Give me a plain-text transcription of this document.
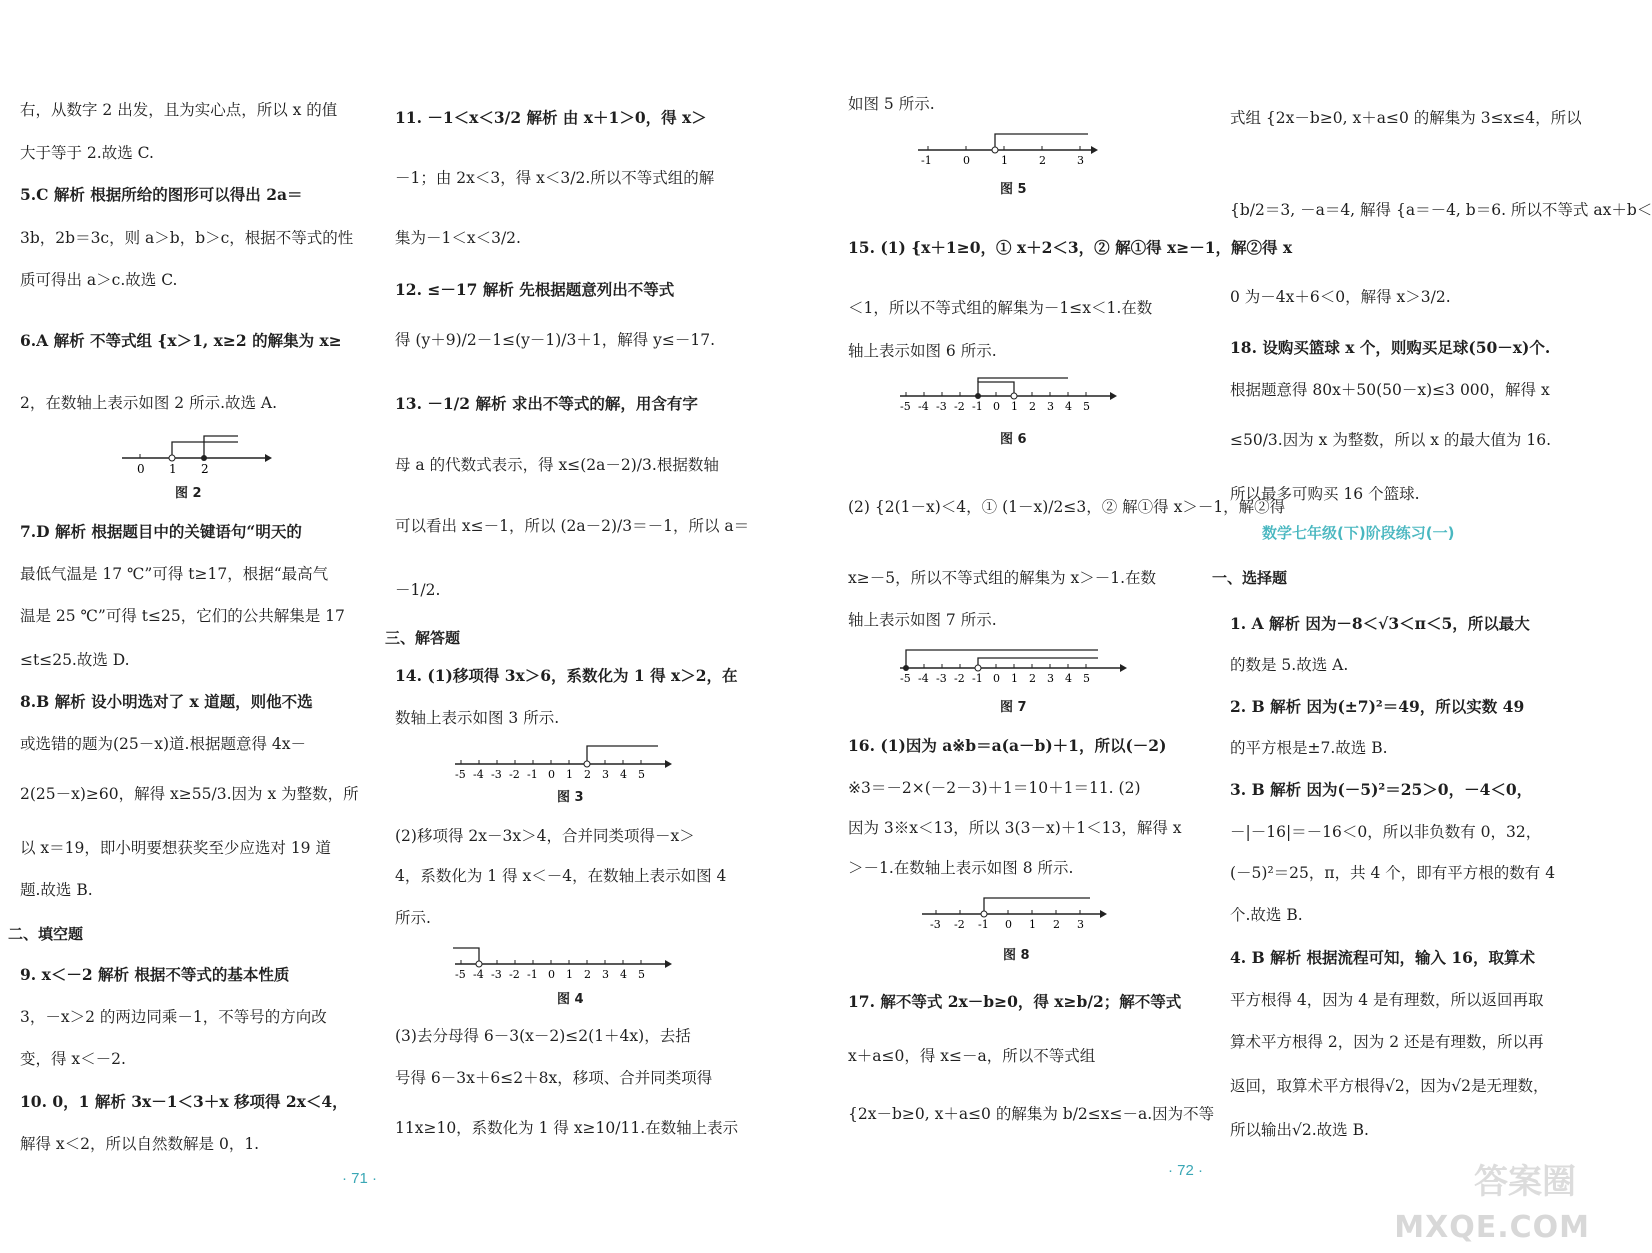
右，从数字 2 出发，且为实心点，所以 x 的值
大于等于 2.故选 C.
5.C 解析 根据所给的图形可以得出 2a＝
3b，2b＝3c，则 a＞b，b＞c，根据不等式的性
质可得出 a＞c.故选 C.
6.A 解析 不等式组 {x＞1, x≥2 的解集为 x≥
2，在数轴上表示如图 2 所示.故选 A.
0 1 2
图 2
7.D 解析 根据题目中的关键语句“明天的
最低气温是 17 ℃”可得 t≥17，根据“最高气
温是 25 ℃”可得 t≤25，它们的公共解集是 17
≤t≤25.故选 D.
8.B 解析 设小明选对了 x 道题，则他不选
或选错的题为(25－x)道.根据题意得 4x－
2(25－x)≥60，解得 x≥55/3.因为 x 为整数，所
以 x＝19，即小明要想获奖至少应选对 19 道
题.故选 B.
二、填空题
9. x＜－2 解析 根据不等式的基本性质
3，－x＞2 的两边同乘－1，不等号的方向改
变，得 x＜－2.
10. 0，1 解析 3x－1＜3＋x 移项得 2x＜4，
解得 x＜2，所以自然数解是 0，1.
11. －1＜x＜3/2 解析 由 x＋1＞0，得 x＞
－1；由 2x＜3，得 x＜3/2.所以不等式组的解
集为－1＜x＜3/2.
12. ≤－17 解析 先根据题意列出不等式
得 (y＋9)/2－1≤(y－1)/3＋1，解得 y≤－17.
13. －1/2 解析 求出不等式的解，用含有字
母 a 的代数式表示，得 x≤(2a－2)/3.根据数轴
可以看出 x≤－1，所以 (2a－2)/3＝－1，所以 a＝
－1/2.
三、解答题
14. (1)移项得 3x＞6，系数化为 1 得 x＞2，在
数轴上表示如图 3 所示.
-5 -4 -3 -2 -1 0 1 2 3 4 5
图 3
(2)移项得 2x－3x＞4，合并同类项得－x＞
4，系数化为 1 得 x＜－4，在数轴上表示如图 4
所示.
-5 -4 -3 -2 -1 0 1 2 3 4 5
图 4
(3)去分母得 6－3(x－2)≤2(1＋4x)，去括
号得 6－3x＋6≤2＋8x，移项、合并同类项得
11x≥10，系数化为 1 得 x≥10/11.在数轴上表示
· 71 ·
如图 5 所示.
-1	0	1	2	3
图 5
15. (1) {x＋1≥0，① x＋2＜3，② 解①得 x≥－1，解②得 x
＜1，所以不等式组的解集为－1≤x＜1.在数
轴上表示如图 6 所示.
-5 -4 -3 -2 -1 0 1 2 3 4 5
图 6
(2) {2(1－x)＜4，① (1－x)/2≤3，② 解①得 x＞－1，解②得
x≥－5，所以不等式组的解集为 x＞－1.在数
轴上表示如图 7 所示.
-5 -4 -3 -2 -1 0 1 2 3 4 5
图 7
16. (1)因为 a※b＝a(a－b)＋1，所以(－2)
※3＝－2×(－2－3)＋1＝10＋1＝11. (2)
因为 3※x＜13，所以 3(3－x)＋1＜13，解得 x
＞－1.在数轴上表示如图 8 所示.
-3 -2 -1 0 1 2 3
图 8
17. 解不等式 2x－b≥0，得 x≥b/2；解不等式
x＋a≤0，得 x≤－a，所以不等式组
{2x－b≥0, x＋a≤0 的解集为 b/2≤x≤－a.因为不等
· 72 ·
式组 {2x－b≥0, x＋a≤0 的解集为 3≤x≤4，所以
{b/2＝3, －a＝4, 解得 {a＝－4, b＝6. 所以不等式 ax＋b＜
0 为－4x＋6＜0，解得 x＞3/2.
18. 设购买篮球 x 个，则购买足球(50－x)个.
根据题意得 80x＋50(50－x)≤3 000，解得 x
≤50/3.因为 x 为整数，所以 x 的最大值为 16.
所以最多可购买 16 个篮球.
数学七年级(下)阶段练习(一)
一、选择题
1. A 解析 因为－8＜√3＜π＜5，所以最大
的数是 5.故选 A.
2. B 解析 因为(±7)²＝49，所以实数 49
的平方根是±7.故选 B.
3. B 解析 因为(－5)²＝25＞0，－4＜0，
－|－16|＝－16＜0，所以非负数有 0，32，
(－5)²＝25，π，共 4 个，即有平方根的数有 4
个.故选 B.
4. B 解析 根据流程可知，输入 16，取算术
平方根得 4，因为 4 是有理数，所以返回再取
算术平方根得 2，因为 2 还是有理数，所以再
返回，取算术平方根得√2，因为√2是无理数，
所以输出√2.故选 B.
答案圈
MXQE.COM
